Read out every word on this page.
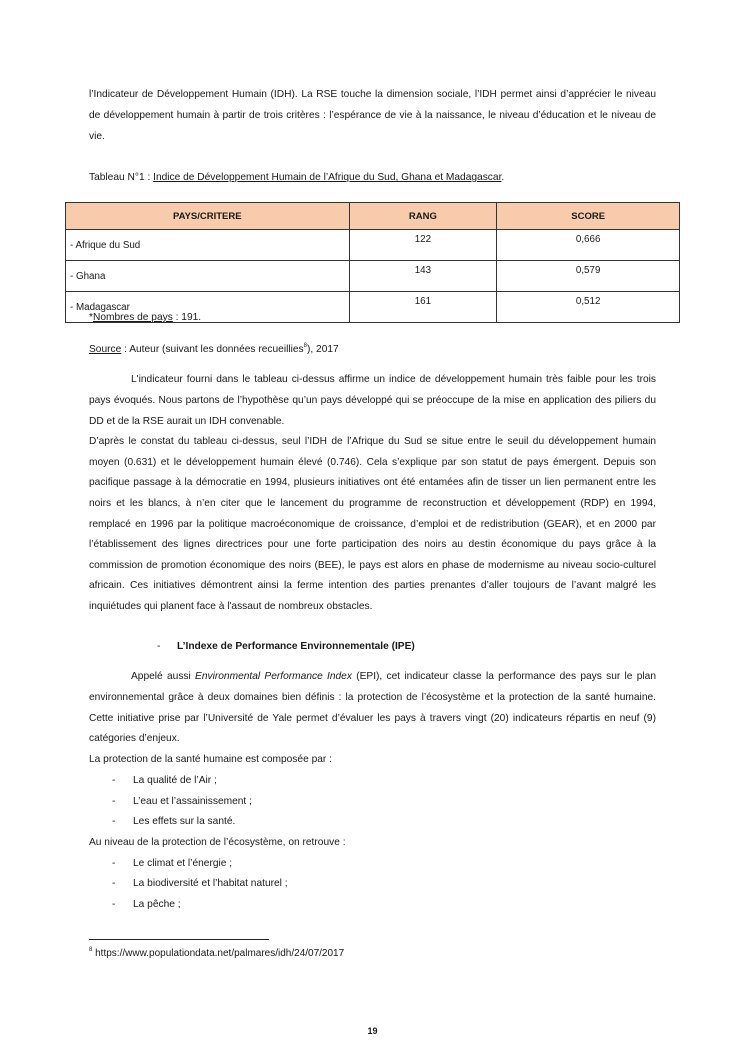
l’Indicateur de Développement Humain (IDH). La RSE touche la dimension sociale, l’IDH permet ainsi d’apprécier le niveau
de développement humain à partir de trois critères : l’espérance de vie à la naissance, le niveau d’éducation et le niveau de
vie.
Tableau N°1 : Indice de Développement Humain de l’Afrique du Sud, Ghana et Madagascar.
PAYS/CRITERE	RANG	SCORE
- Afrique du Sud	122	0,666
- Ghana	143	0,579
- Madagascar	161	0,512
*Nombres de pays : 191.
Source : Auteur (suivant les données recueillies$^8$), 2017
L'indicateur fourni dans le tableau ci-dessus affirme un indice de développement humain très faible pour les trois
pays évoqués. Nous partons de l’hypothèse qu’un pays développé qui se préoccupe de la mise en application des piliers du
DD et de la RSE aurait un IDH convenable.
D’après le constat du tableau ci-dessus, seul l’IDH de l’Afrique du Sud se situe entre le seuil du développement humain
moyen (0.631) et le développement humain élevé (0.746). Cela s’explique par son statut de pays émergent. Depuis son
pacifique passage à la démocratie en 1994, plusieurs initiatives ont été entamées afin de tisser un lien permanent entre les
noirs et les blancs, à n’en citer que le lancement du programme de reconstruction et développement (RDP) en 1994,
remplacé en 1996 par la politique macroéconomique de croissance, d’emploi et de redistribution (GEAR), et en 2000 par
l’établissement des lignes directrices pour une forte participation des noirs au destin économique du pays grâce à la
commission de promotion économique des noirs (BEE), le pays est alors en phase de modernisme au niveau socio-culturel
africain. Ces initiatives démontrent ainsi la ferme intention des parties prenantes d’aller toujours de l’avant malgré les
inquiétudes qui planent face à l'assaut de nombreux obstacles.
- L’Indexe de Performance Environnementale (IPE)
Appelé aussi Environmental Performance Index (EPI), cet indicateur classe la performance des pays sur le plan
environnemental grâce à deux domaines bien définis : la protection de l’écosystème et la protection de la santé humaine.
Cette initiative prise par l’Université de Yale permet d’évaluer les pays à travers vingt (20) indicateurs répartis en neuf (9)
catégories d’enjeux.
La protection de la santé humaine est composée par :
- La qualité de l’Air ;
- L’eau et l’assainissement ;
- Les effets sur la santé.
Au niveau de la protection de l’écosystème, on retrouve :
- Le climat et l’énergie ;
- La biodiversité et l’habitat naturel ;
- La pêche ;
$^8$ https://www.populationdata.net/palmares/idh/24/07/2017
19
